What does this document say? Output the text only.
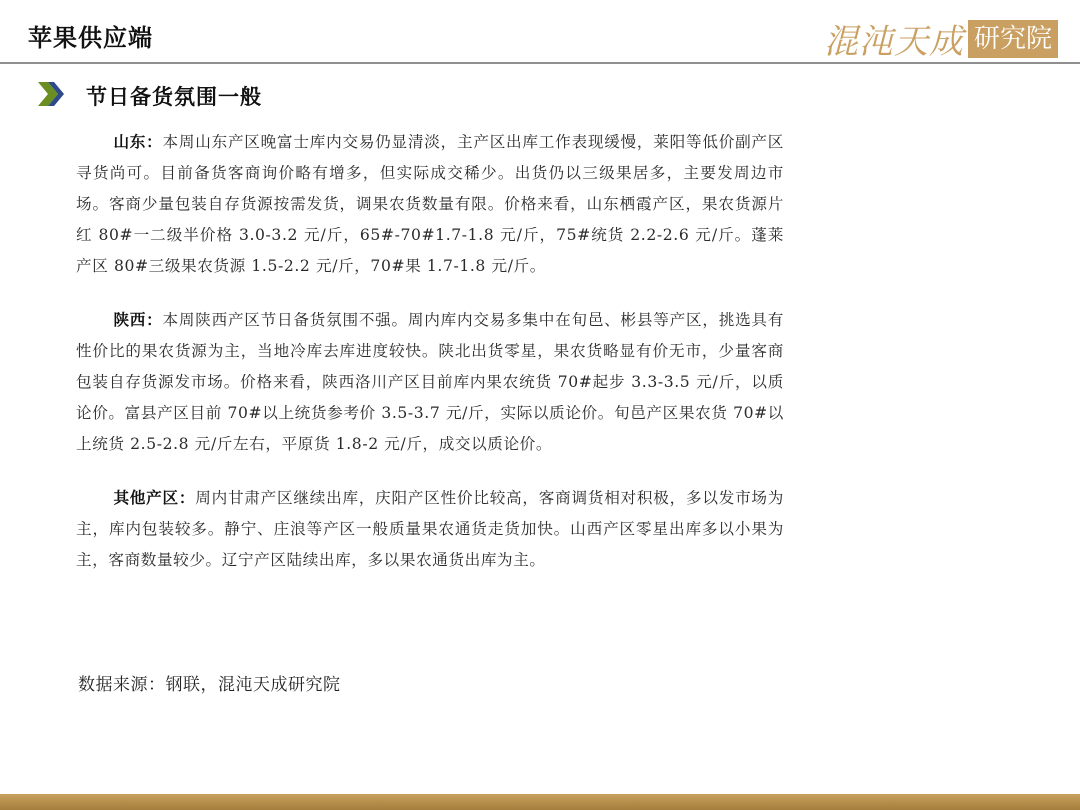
苹果供应端	混沌天成 研究院
节日备货氛围一般

山东：本周山东产区晚富士库内交易仍显清淡，主产区出库工作表现缓慢，莱阳等低价副产区寻货尚可。目前备货客商询价略有增多，但实际成交稀少。出货仍以三级果居多，主要发周边市场。客商少量包装自存货源按需发货，调果农货数量有限。价格来看，山东栖霞产区，果农货源片红 80#一二级半价格 3.0-3.2 元/斤，65#-70#1.7-1.8 元/斤，75#统货 2.2-2.6 元/斤。蓬莱产区 80#三级果农货源 1.5-2.2 元/斤，70#果 1.7-1.8 元/斤。

陕西：本周陕西产区节日备货氛围不强。周内库内交易多集中在旬邑、彬县等产区，挑选具有性价比的果农货源为主，当地冷库去库进度较快。陕北出货零星，果农货略显有价无市，少量客商包装自存货源发市场。价格来看，陕西洛川产区目前库内果农统货 70#起步 3.3-3.5 元/斤，以质论价。富县产区目前 70#以上统货参考价 3.5-3.7 元/斤，实际以质论价。旬邑产区果农货 70#以上统货 2.5-2.8 元/斤左右，平原货 1.8-2 元/斤，成交以质论价。

其他产区：周内甘肃产区继续出库，庆阳产区性价比较高，客商调货相对积极，多以发市场为主，库内包装较多。静宁、庄浪等产区一般质量果农通货走货加快。山西产区零星出库多以小果为主，客商数量较少。辽宁产区陆续出库，多以果农通货出库为主。

数据来源：钢联，混沌天成研究院
